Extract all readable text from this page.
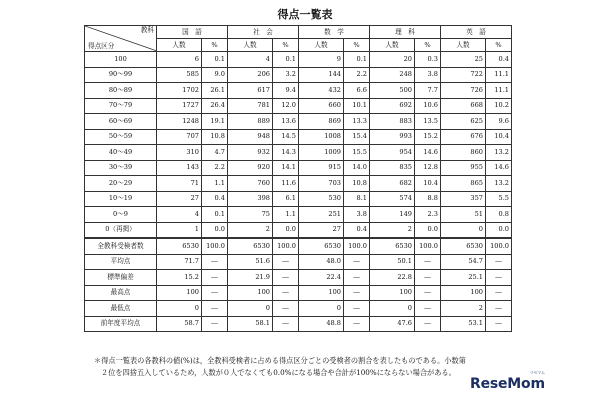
得点一覧表
教科
得点区分	国　語		社　会		数　学		理　科		英　語	
	人数	%	人数	%	人数	%	人数	%	人数	%
100	6	0.1	4	0.1	9	0.1	20	0.3	25	0.4
90～99	585	9.0	206	3.2	144	2.2	248	3.8	722	11.1
80～89	1702	26.1	617	9.4	432	6.6	500	7.7	726	11.1
70～79	1727	26.4	781	12.0	660	10.1	692	10.6	668	10.2
60～69	1248	19.1	889	13.6	869	13.3	883	13.5	625	9.6
50～59	707	10.8	948	14.5	1008	15.4	993	15.2	676	10.4
40～49	310	4.7	932	14.3	1009	15.5	954	14.6	860	13.2
30～39	143	2.2	920	14.1	915	14.0	835	12.8	955	14.6
20～29	71	1.1	760	11.6	703	10.8	682	10.4	865	13.2
10～19	27	0.4	398	6.1	530	8.1	574	8.8	357	5.5
0～9	4	0.1	75	1.1	251	3.8	149	2.3	51	0.8
0（再掲）	1	0.0	2	0.0	27	0.4	2	0.0	0	0.0
全教科受検者数	6530	100.0	6530	100.0	6530	100.0	6530	100.0	6530	100.0
平均点	71.7	―	51.6	―	48.0	―	50.1	―	54.7	―
標準偏差	15.2	―	21.9	―	22.4	―	22.8	―	25.1	―
最高点	100	―	100	―	100	―	100	―	100	―
最低点	0	―	0	―	0	―	0	―	2	―
前年度平均点	58.7	―	58.1	―	48.8	―	47.6	―	53.1	―
＊得点一覧表の各教科の値(%)は，全教科受検者に占める得点区分ごとの受検者の割合を表したものである。小数第
２位を四捨五入しているため，人数が０人でなくても0.0%になる場合や合計が100%にならない場合がある。
ReseMom
リセマム
